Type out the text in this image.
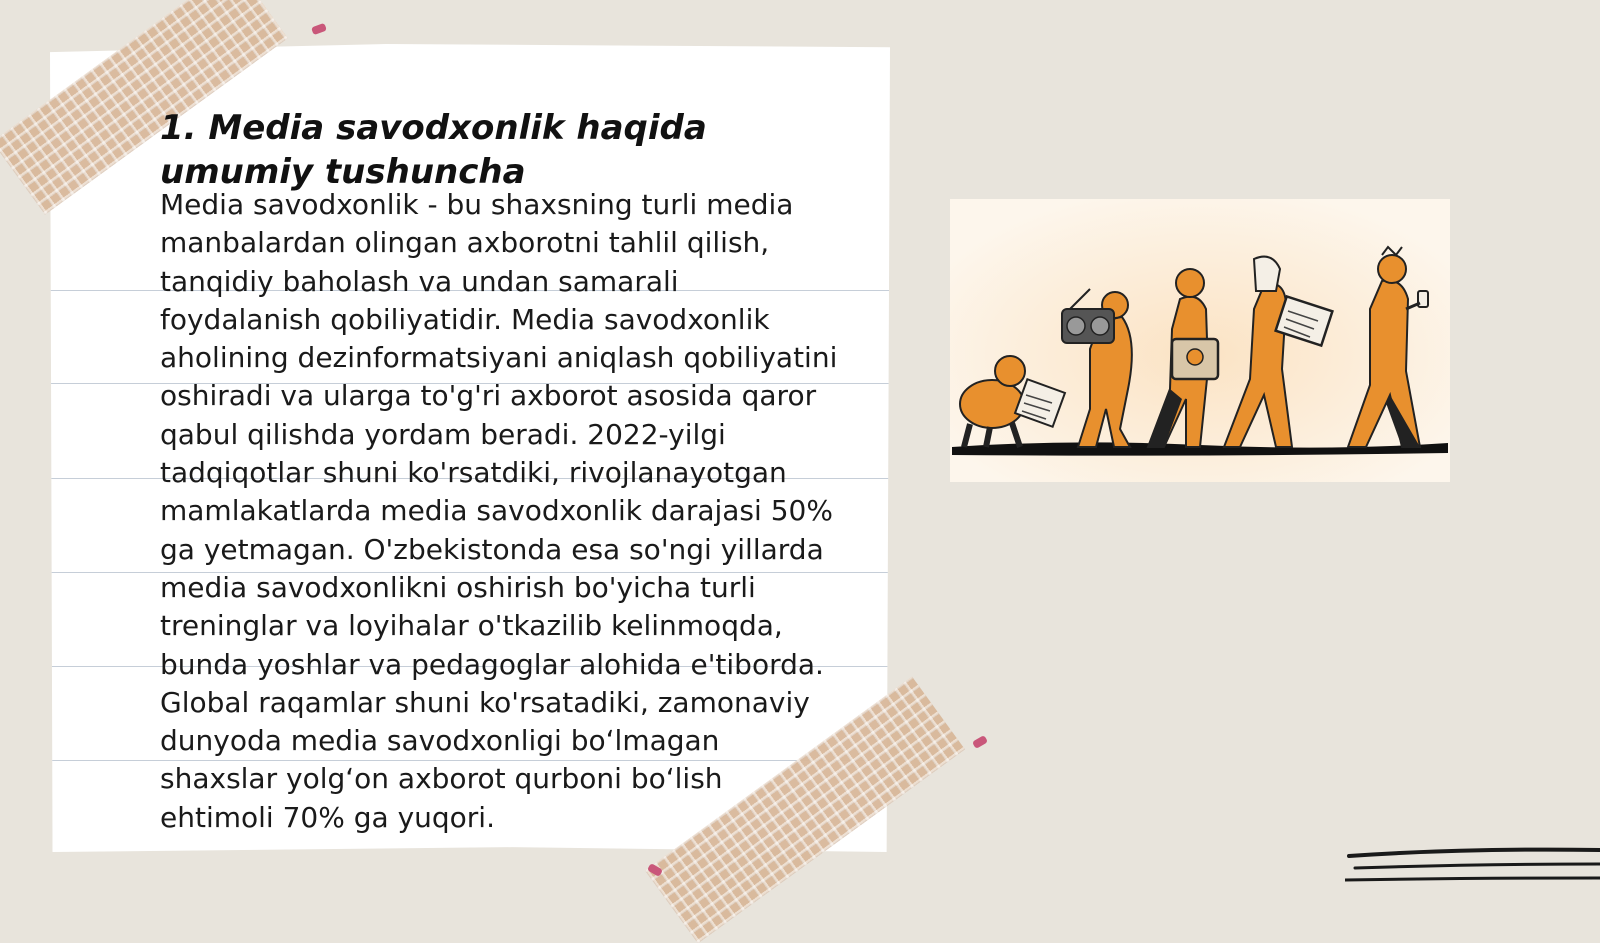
1. Media savodxonlik haqida umumiy tushuncha

Media savodxonlik - bu shaxsning turli media manbalardan olingan axborotni tahlil qilish, tanqidiy baholash va undan samarali foydalanish qobiliyatidir. Media savodxonlik aholining dezinformatsiyani aniqlash qobiliyatini oshiradi va ularga to'g'ri axborot asosida qaror qabul qilishda yordam beradi. 2022-yilgi tadqiqotlar shuni ko'rsatdiki, rivojlanayotgan mamlakatlarda media savodxonlik darajasi 50% ga yetmagan. O'zbekistonda esa so'ngi yillarda media savodxonlikni oshirish bo'yicha turli treninglar va loyihalar o'tkazilib kelinmoqda, bunda yoshlar va pedagoglar alohida e'tiborda. Global raqamlar shuni ko'rsatadiki, zamonaviy dunyoda media savodxonligi boʻlmagan shaxslar yolgʻon axborot qurboni boʻlish ehtimoli 70% ga yuqori.
